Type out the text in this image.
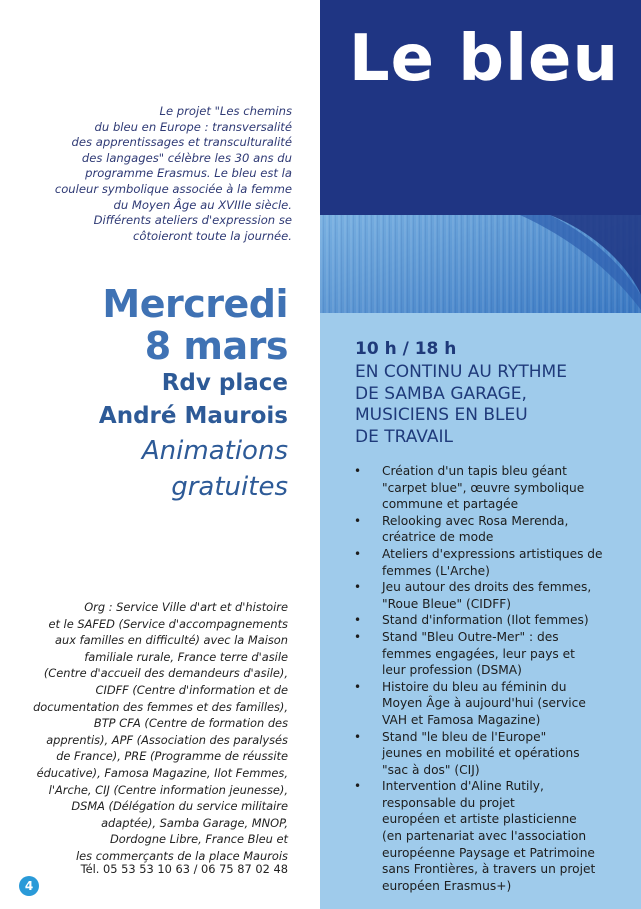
Le projet "Les chemins
du bleu en Europe : transversalité
des apprentissages et transculturalité
des langages" célèbre les 30 ans du
programme Erasmus. Le bleu est la
couleur symbolique associée à la femme
du Moyen Âge au XVIIIe siècle.
Différents ateliers d'expression se
côtoieront toute la journée.

Mercredi
8 mars
Rdv place
André Maurois
Animations
gratuites

Org : Service Ville d'art et d'histoire
et le SAFED (Service d'accompagnements
aux familles en difficulté) avec la Maison
familiale rurale, France terre d'asile
(Centre d'accueil des demandeurs d'asile),
CIDFF (Centre d'information et de
documentation des femmes et des familles),
BTP CFA (Centre de formation des
apprentis), APF (Association des paralysés
de France), PRE (Programme de réussite
éducative), Famosa Magazine, Ilot Femmes,
l'Arche, CIJ (Centre information jeunesse),
DSMA (Délégation du service militaire
adaptée), Samba Garage, MNOP,
Dordogne Libre, France Bleu et
les commerçants de la place Maurois

Tél. 05 53 53 10 63 / 06 75 87 02 48
4
Le bleu
10 h / 18 h

EN CONTINU AU RYTHME
DE SAMBA GARAGE,
MUSICIENS EN BLEU
DE TRAVAIL

• Création d'un tapis bleu géant
"carpet blue", œuvre symbolique
commune et partagée
• Relooking avec Rosa Merenda,
créatrice de mode
• Ateliers d'expressions artistiques de
femmes (L'Arche)
• Jeu autour des droits des femmes,
"Roue Bleue" (CIDFF)
• Stand d'information (Ilot femmes)
• Stand "Bleu Outre-Mer" : des
femmes engagées, leur pays et
leur profession (DSMA)
• Histoire du bleu au féminin du
Moyen Âge à aujourd'hui (service
VAH et Famosa Magazine)
• Stand "le bleu de l'Europe"
jeunes en mobilité et opérations
"sac à dos" (CIJ)
• Intervention d'Aline Rutily,
responsable du projet
européen et artiste plasticienne
(en partenariat avec l'association
européenne Paysage et Patrimoine
sans Frontières, à travers un projet
européen Erasmus+)
